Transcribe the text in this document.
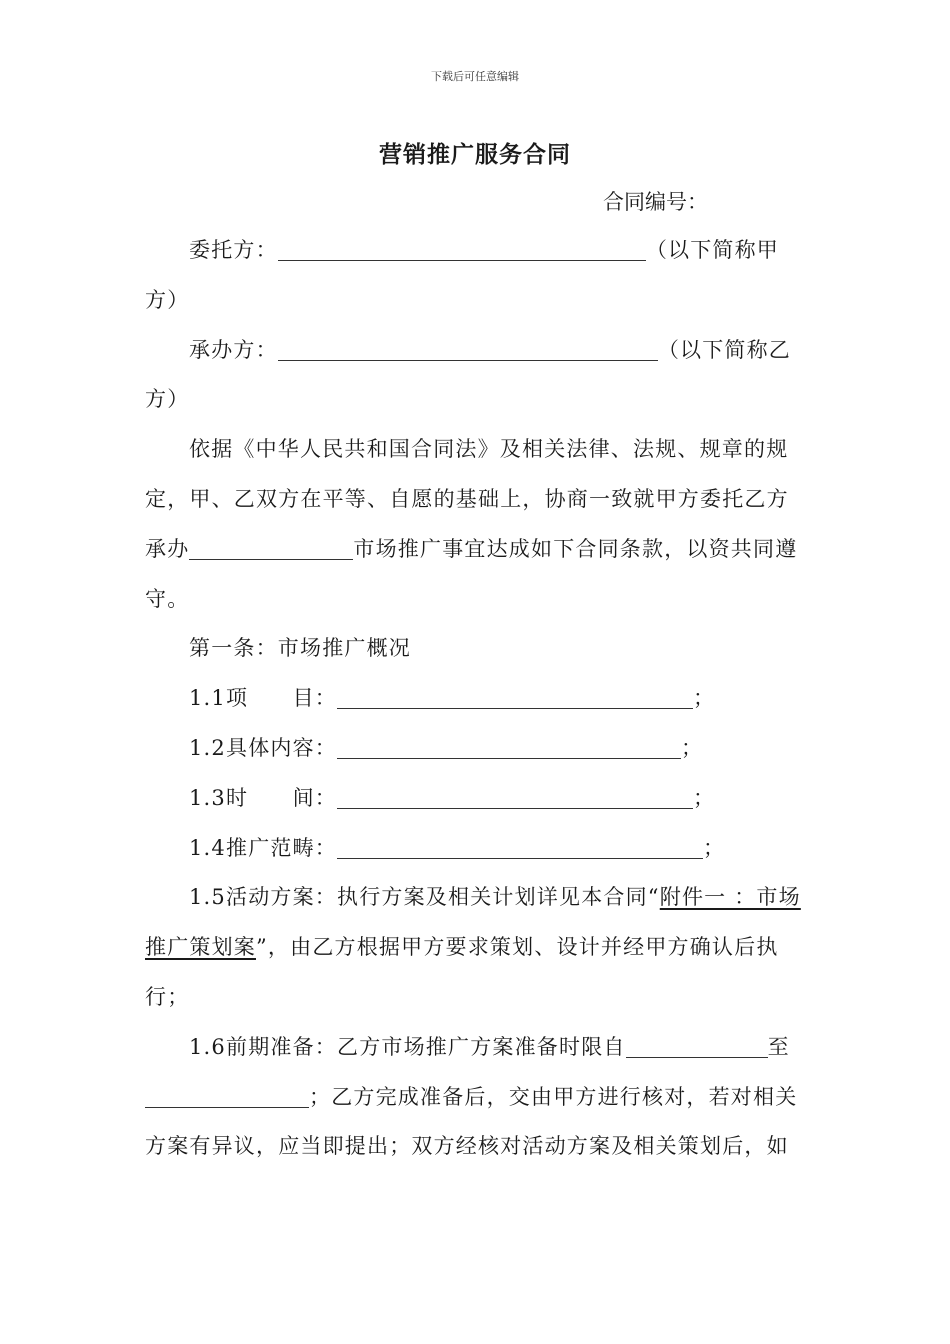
下载后可任意编辑
营销推广服务合同
合同编号：

委托方：	（以下简称甲方）

承办方：	（以下简称乙方）

依据《中华人民共和国合同法》及相关法律、法规、规章的规定，甲、乙双方在平等、自愿的基础上，协商一致就甲方委托乙方承办	市场推广事宜达成如下合同条款，以资共同遵守。

第一条：市场推广概况

1.1项　　目：	；

1.2具体内容：	；

1.3时　　间：	；

1.4推广范畴：	；

1.5活动方案：执行方案及相关计划详见本合同“附件一 ：市场推广策划案”，由乙方根据甲方要求策划、设计并经甲方确认后执行；

1.6前期准备：乙方市场推广方案准备时限自	至；乙方完成准备后，交由甲方进行核对，若对相关方案有异议，应当即提出；双方经核对活动方案及相关策划后，如
